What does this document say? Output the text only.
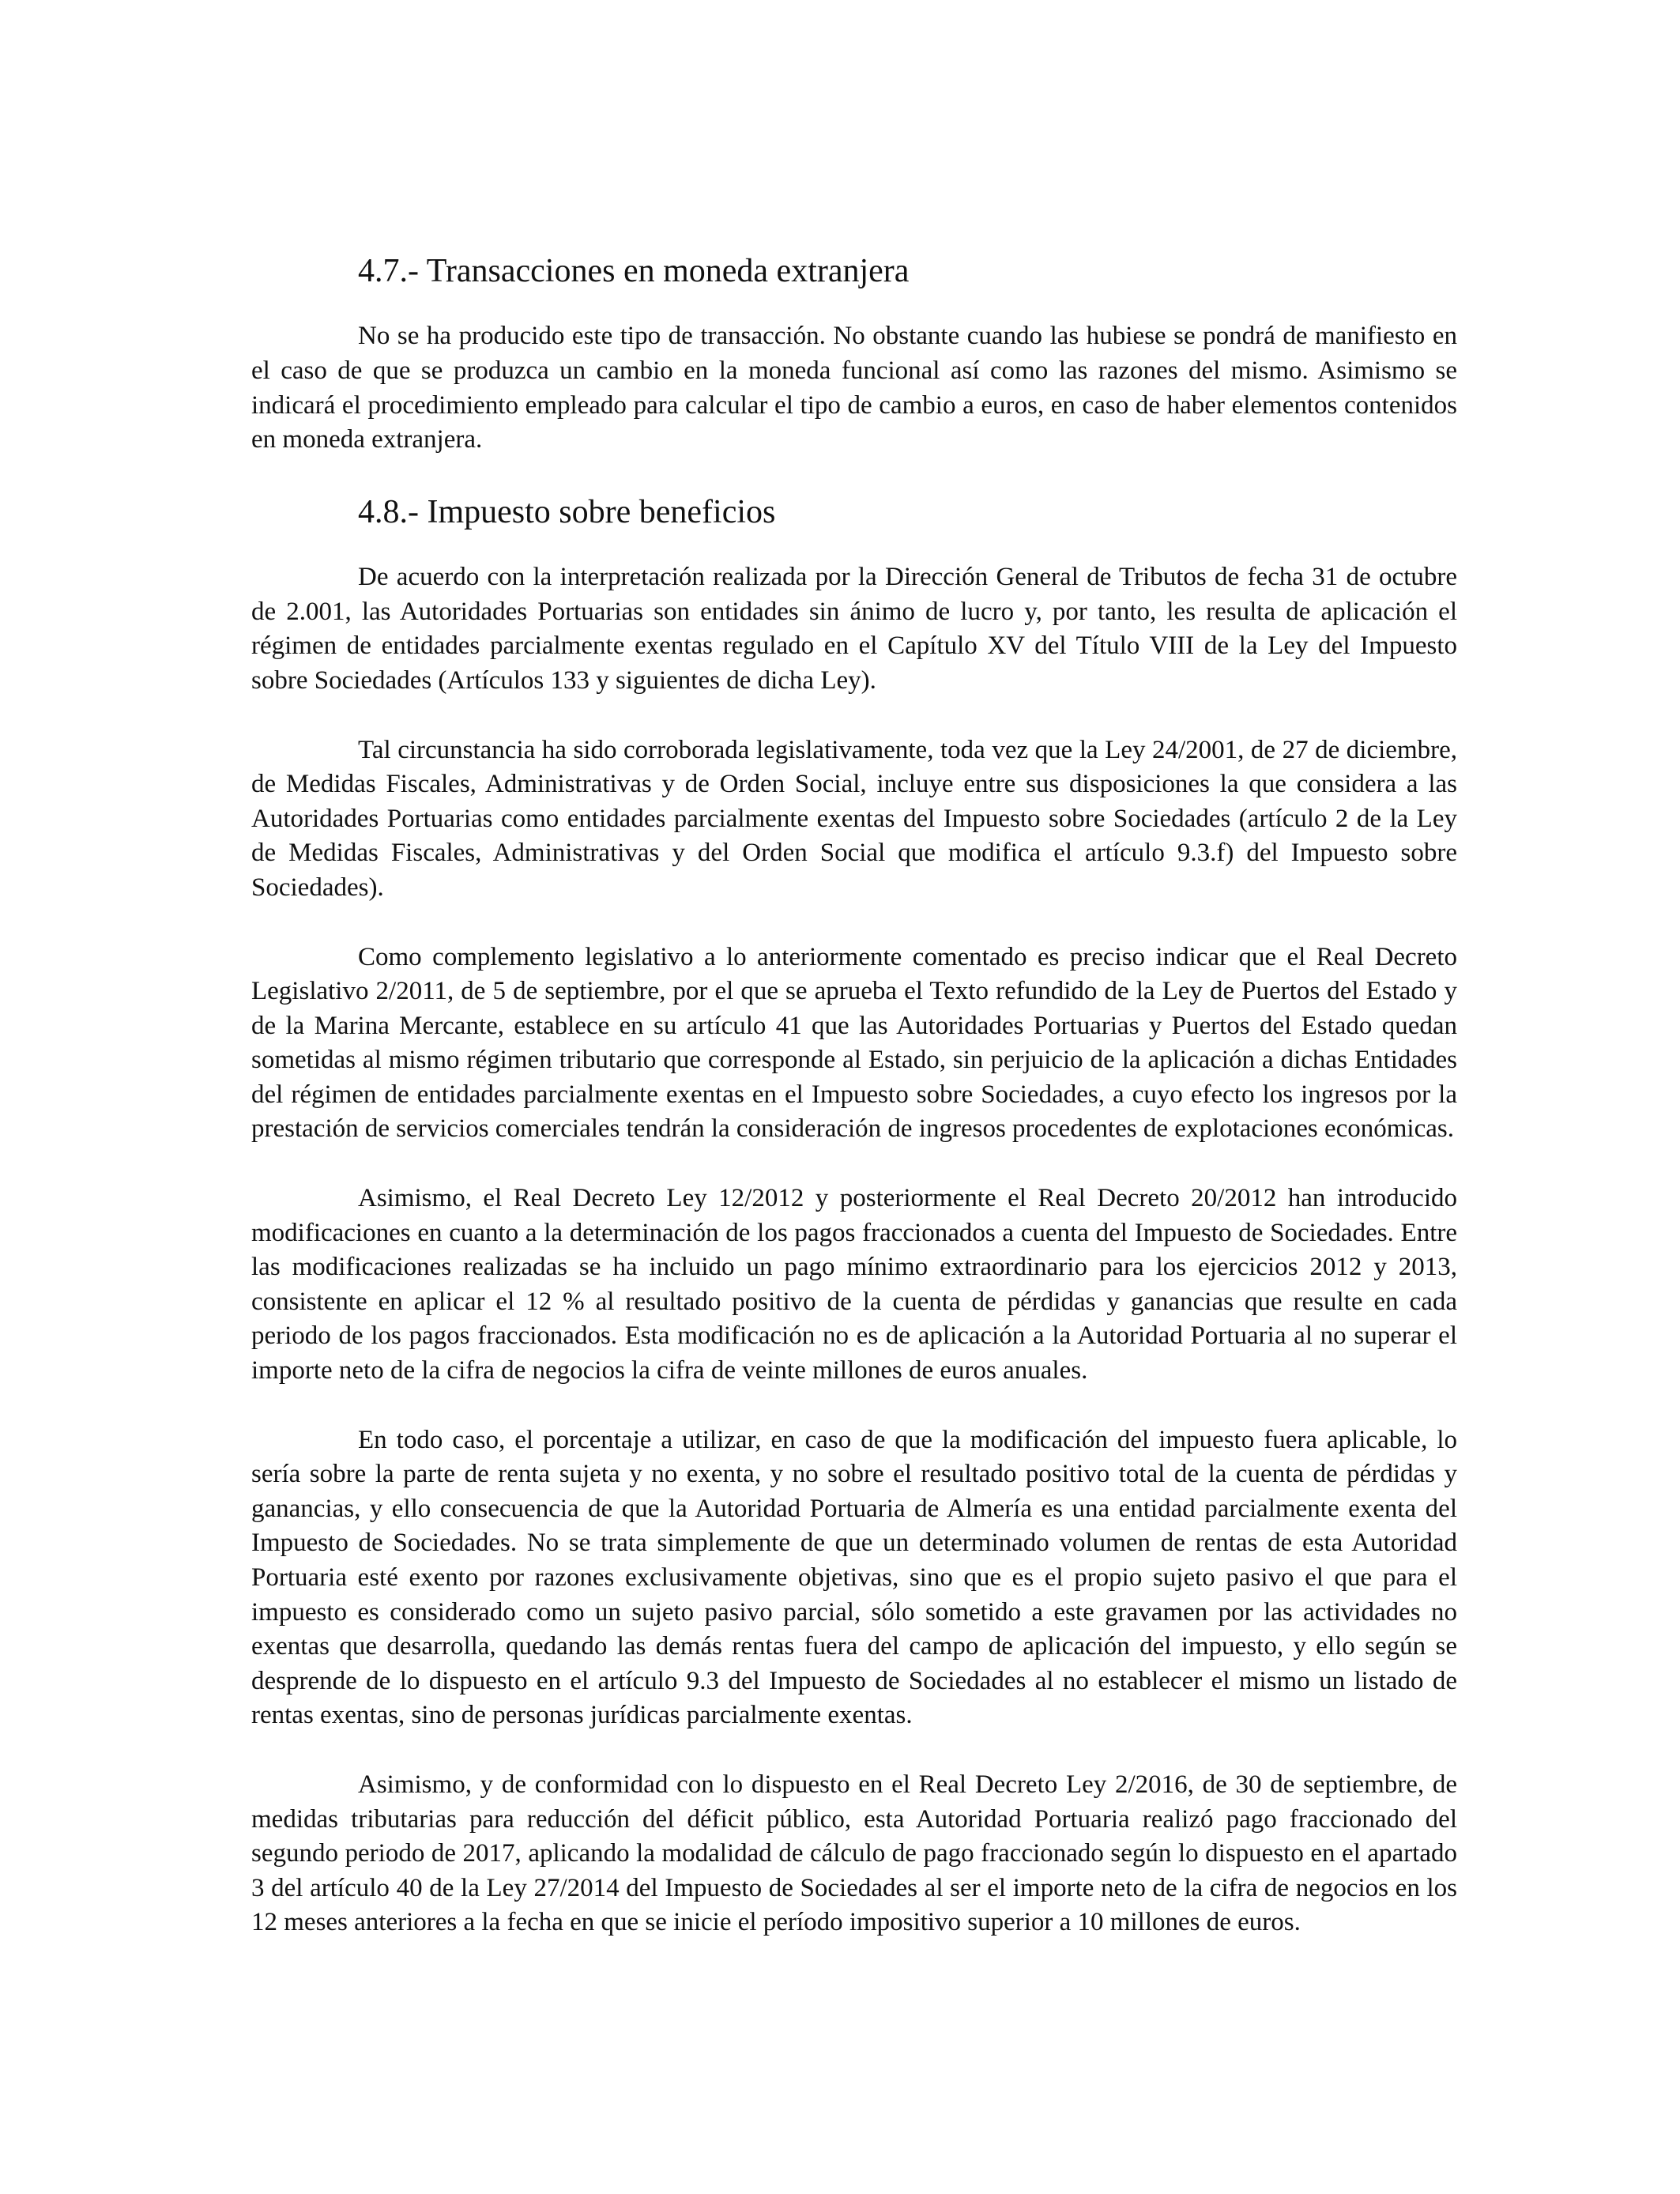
4.7.- Transacciones en moneda extranjera

No se ha producido este tipo de transacción. No obstante cuando las hubiese se pondrá de manifiesto en el caso de que se produzca un cambio en la moneda funcional así como las razones del mismo. Asimismo se indicará el procedimiento empleado para calcular el tipo de cambio a euros, en caso de haber elementos contenidos en moneda extranjera.

4.8.- Impuesto sobre beneficios

De acuerdo con la interpretación realizada por la Dirección General de Tributos de fecha 31 de octubre de 2.001, las Autoridades Portuarias son entidades sin ánimo de lucro y, por tanto, les resulta de aplicación el régimen de entidades parcialmente exentas regulado en el Capítulo XV del Título VIII de la Ley del Impuesto sobre Sociedades (Artículos 133 y siguientes de dicha Ley).

Tal circunstancia ha sido corroborada legislativamente, toda vez que la Ley 24/2001, de 27 de diciembre, de Medidas Fiscales, Administrativas y de Orden Social, incluye entre sus disposiciones la que considera a las Autoridades Portuarias como entidades parcialmente exentas del Impuesto sobre Sociedades (artículo 2 de la Ley de Medidas Fiscales, Administrativas y del Orden Social que modifica el artículo 9.3.f) del Impuesto sobre Sociedades).

Como complemento legislativo a lo anteriormente comentado es preciso indicar que el Real Decreto Legislativo 2/2011, de 5 de septiembre, por el que se aprueba el Texto refundido de la Ley de Puertos del Estado y de la Marina Mercante, establece en su artículo 41 que las Autoridades Portuarias y Puertos del Estado quedan sometidas al mismo régimen tributario que corresponde al Estado, sin perjuicio de la aplicación a dichas Entidades del régimen de entidades parcialmente exentas en el Impuesto sobre Sociedades, a cuyo efecto los ingresos por la prestación de servicios comerciales tendrán la consideración de ingresos procedentes de explotaciones económicas.

Asimismo, el Real Decreto Ley 12/2012 y posteriormente el Real Decreto 20/2012 han introducido modificaciones en cuanto a la determinación de los pagos fraccionados a cuenta del Impuesto de Sociedades. Entre las modificaciones realizadas se ha incluido un pago mínimo extraordinario para los ejercicios 2012 y 2013, consistente en aplicar el 12 % al resultado positivo de la cuenta de pérdidas y ganancias que resulte en cada periodo de los pagos fraccionados. Esta modificación no es de aplicación a la Autoridad Portuaria al no superar el importe neto de la cifra de negocios la cifra de veinte millones de euros anuales.

En todo caso, el porcentaje a utilizar, en caso de que la modificación del impuesto fuera aplicable, lo sería sobre la parte de renta sujeta y no exenta, y no sobre el resultado positivo total de la cuenta de pérdidas y ganancias, y ello consecuencia de que la Autoridad Portuaria de Almería es una entidad parcialmente exenta del Impuesto de Sociedades. No se trata simplemente de que un determinado volumen de rentas de esta Autoridad Portuaria esté exento por razones exclusivamente objetivas, sino que es el propio sujeto pasivo el que para el impuesto es considerado como un sujeto pasivo parcial, sólo sometido a este gravamen por las actividades no exentas que desarrolla, quedando las demás rentas fuera del campo de aplicación del impuesto, y ello según se desprende de lo dispuesto en el artículo 9.3 del Impuesto de Sociedades al no establecer el mismo un listado de rentas exentas, sino de personas jurídicas parcialmente exentas.

Asimismo, y de conformidad con lo dispuesto en el Real Decreto Ley 2/2016, de 30 de septiembre, de medidas tributarias para reducción del déficit público, esta Autoridad Portuaria realizó pago fraccionado del segundo periodo de 2017, aplicando la modalidad de cálculo de pago fraccionado según lo dispuesto en el apartado 3 del artículo 40 de la Ley 27/2014 del Impuesto de Sociedades al ser el importe neto de la cifra de negocios en los 12 meses anteriores a la fecha en que se inicie el período impositivo superior a 10 millones de euros.
